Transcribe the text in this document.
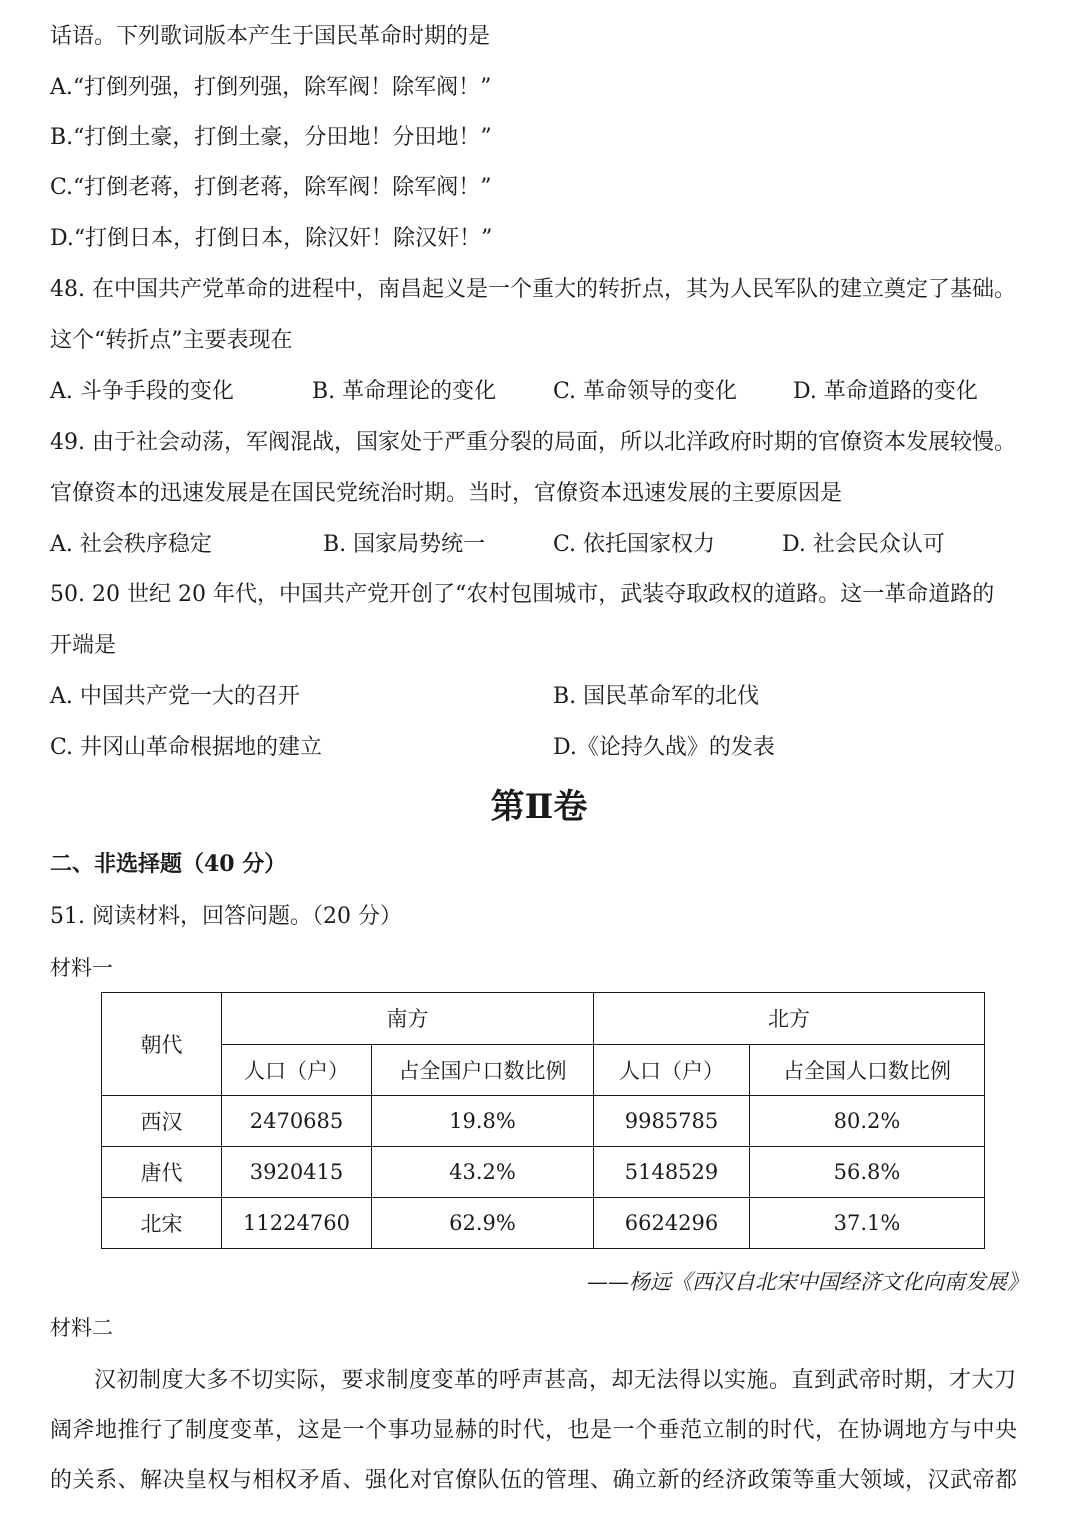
话语。下列歌词版本产生于国民革命时期的是
A.“打倒列强，打倒列强，除军阀！除军阀！”
B.“打倒土豪，打倒土豪，分田地！分田地！”
C.“打倒老蒋，打倒老蒋，除军阀！除军阀！”
D.“打倒日本，打倒日本，除汉奸！除汉奸！”
48. 在中国共产党革命的进程中，南昌起义是一个重大的转折点，其为人民军队的建立奠定了基础。
这个“转折点”主要表现在
A. 斗争手段的变化	B. 革命理论的变化	C. 革命领导的变化	D. 革命道路的变化
49. 由于社会动荡，军阀混战，国家处于严重分裂的局面，所以北洋政府时期的官僚资本发展较慢。
官僚资本的迅速发展是在国民党统治时期。当时，官僚资本迅速发展的主要原因是
A. 社会秩序稳定	B. 国家局势统一	C. 依托国家权力	D. 社会民众认可
50. 20 世纪 20 年代，中国共产党开创了“农村包围城市，武装夺取政权的道路。这一革命道路的
开端是
A. 中国共产党一大的召开	B. 国民革命军的北伐
C. 井冈山革命根据地的建立	D.《论持久战》的发表
第Ⅱ卷
二、非选择题（40 分）
51. 阅读材料，回答问题。（20 分）
材料一
朝代	南方		北方	
	人口（户）	占全国户口数比例	人口（户）	占全国人口数比例
西汉	2470685	19.8%	9985785	80.2%
唐代	3920415	43.2%	5148529	56.8%
北宋	11224760	62.9%	6624296	37.1%
——杨远《西汉自北宋中国经济文化向南发展》
材料二
汉初制度大多不切实际，要求制度变革的呼声甚高，却无法得以实施。直到武帝时期，才大刀阔斧地推行了制度变革，这是一个事功显赫的时代，也是一个垂范立制的时代，在协调地方与中央的关系、解决皇权与相权矛盾、强化对官僚队伍的管理、确立新的经济政策等重大领域，汉武帝都
